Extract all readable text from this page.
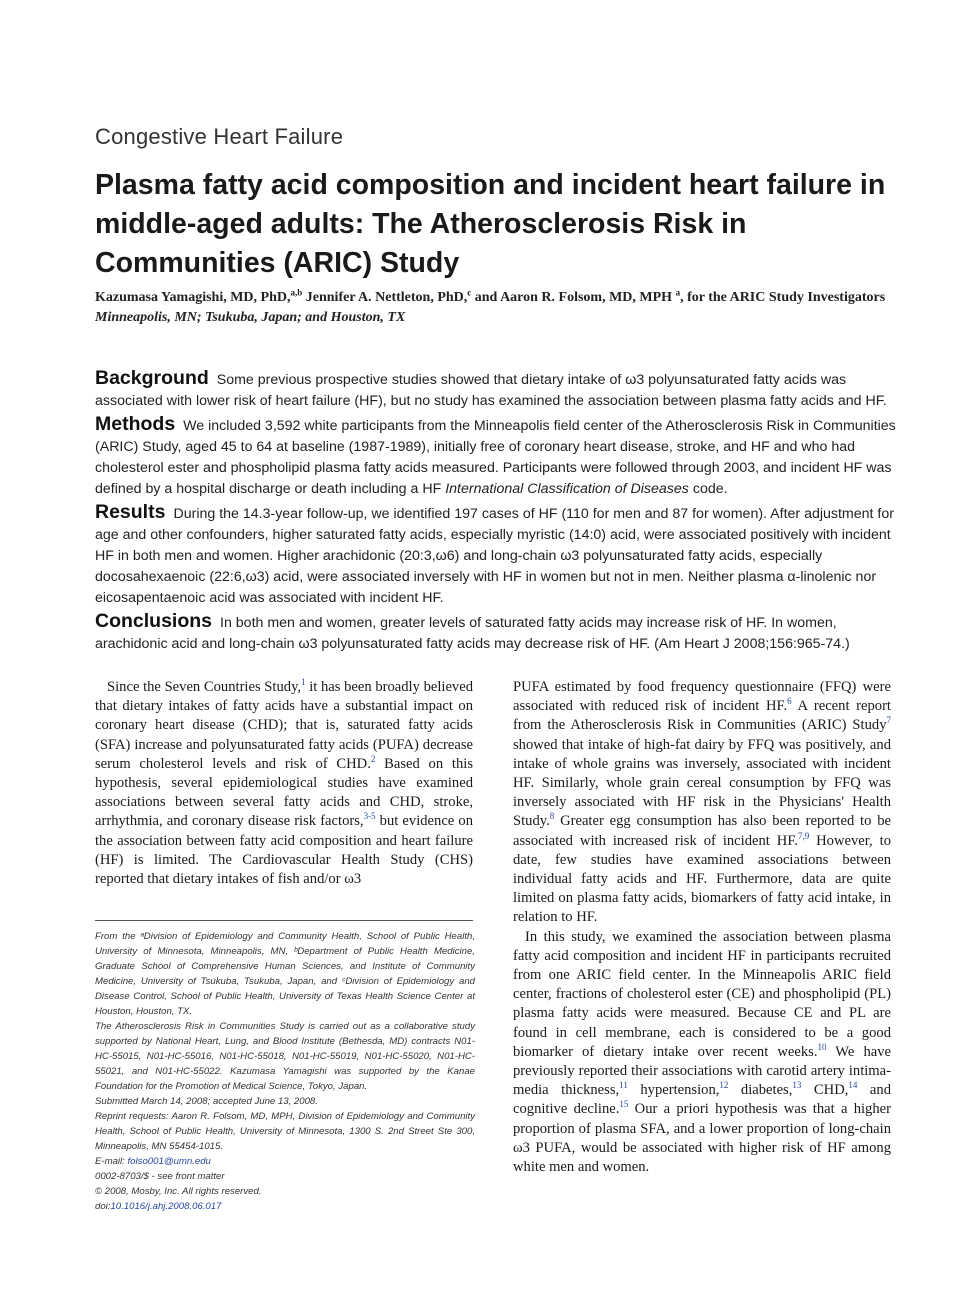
Congestive Heart Failure
Plasma fatty acid composition and incident heart failure in middle-aged adults: The Atherosclerosis Risk in Communities (ARIC) Study
Kazumasa Yamagishi, MD, PhD,$^{a,b}$ Jennifer A. Nettleton, PhD,$^c$ and Aaron R. Folsom, MD, MPH $^a$, for the ARIC Study Investigators Minneapolis, MN; Tsukuba, Japan; and Houston, TX

Background Some previous prospective studies showed that dietary intake of ω3 polyunsaturated fatty acids was associated with lower risk of heart failure (HF), but no study has examined the association between plasma fatty acids and HF.

Methods We included 3,592 white participants from the Minneapolis field center of the Atherosclerosis Risk in Communities (ARIC) Study, aged 45 to 64 at baseline (1987-1989), initially free of coronary heart disease, stroke, and HF and who had cholesterol ester and phospholipid plasma fatty acids measured. Participants were followed through 2003, and incident HF was defined by a hospital discharge or death including a HF International Classification of Diseases code.

Results During the 14.3-year follow-up, we identified 197 cases of HF (110 for men and 87 for women). After adjustment for age and other confounders, higher saturated fatty acids, especially myristic (14:0) acid, were associated positively with incident HF in both men and women. Higher arachidonic (20:3,ω6) and long-chain ω3 polyunsaturated fatty acids, especially docosahexaenoic (22:6,ω3) acid, were associated inversely with HF in women but not in men. Neither plasma α-linolenic nor eicosapentaenoic acid was associated with incident HF.

Conclusions In both men and women, greater levels of saturated fatty acids may increase risk of HF. In women, arachidonic acid and long-chain ω3 polyunsaturated fatty acids may decrease risk of HF. (Am Heart J 2008;156:965-74.)

Since the Seven Countries Study,$^1$ it has been broadly believed that dietary intakes of fatty acids have a substantial impact on coronary heart disease (CHD); that is, saturated fatty acids (SFA) increase and polyunsaturated fatty acids (PUFA) decrease serum cholesterol levels and risk of CHD.$^2$ Based on this hypothesis, several epidemiological studies have examined associations between several fatty acids and CHD, stroke, arrhythmia, and coronary disease risk factors,$^{3-5}$ but evidence on the association between fatty acid composition and heart failure (HF) is limited. The Cardiovascular Health Study (CHS) reported that dietary intakes of fish and/or ω3

From the ᵃDivision of Epidemiology and Community Health, School of Public Health, University of Minnesota, Minneapolis, MN, ᵇDepartment of Public Health Medicine, Graduate School of Comprehensive Human Sciences, and Institute of Community Medicine, University of Tsukuba, Tsukuba, Japan, and ᶜDivision of Epidemiology and Disease Control, School of Public Health, University of Texas Health Science Center at Houston, Houston, TX.

The Atherosclerosis Risk in Communities Study is carried out as a collaborative study supported by National Heart, Lung, and Blood Institute (Bethesda, MD) contracts N01-HC-55015, N01-HC-55016, N01-HC-55018, N01-HC-55019, N01-HC-55020, N01-HC-55021, and N01-HC-55022. Kazumasa Yamagishi was supported by the Kanae Foundation for the Promotion of Medical Science, Tokyo, Japan.

Submitted March 14, 2008; accepted June 13, 2008.

Reprint requests: Aaron R. Folsom, MD, MPH, Division of Epidemiology and Community Health, School of Public Health, University of Minnesota, 1300 S. 2nd Street Ste 300, Minneapolis, MN 55454-1015.

E-mail: folso001@umn.edu

0002-8703/$ - see front matter

© 2008, Mosby, Inc. All rights reserved.

doi:10.1016/j.ahj.2008.06.017

PUFA estimated by food frequency questionnaire (FFQ) were associated with reduced risk of incident HF.$^6$ A recent report from the Atherosclerosis Risk in Communities (ARIC) Study$^7$ showed that intake of high-fat dairy by FFQ was positively, and intake of whole grains was inversely, associated with incident HF. Similarly, whole grain cereal consumption by FFQ was inversely associated with HF risk in the Physicians' Health Study.$^8$ Greater egg consumption has also been reported to be associated with increased risk of incident HF.$^{7,9}$ However, to date, few studies have examined associations between individual fatty acids and HF. Furthermore, data are quite limited on plasma fatty acids, biomarkers of fatty acid intake, in relation to HF.

In this study, we examined the association between plasma fatty acid composition and incident HF in participants recruited from one ARIC field center. In the Minneapolis ARIC field center, fractions of cholesterol ester (CE) and phospholipid (PL) plasma fatty acids were measured. Because CE and PL are found in cell membrane, each is considered to be a good biomarker of dietary intake over recent weeks.$^{10}$ We have previously reported their associations with carotid artery intima-media thickness,$^{11}$ hypertension,$^{12}$ diabetes,$^{13}$ CHD,$^{14}$ and cognitive decline.$^{15}$ Our a priori hypothesis was that a higher proportion of plasma SFA, and a lower proportion of long-chain ω3 PUFA, would be associated with higher risk of HF among white men and women.
